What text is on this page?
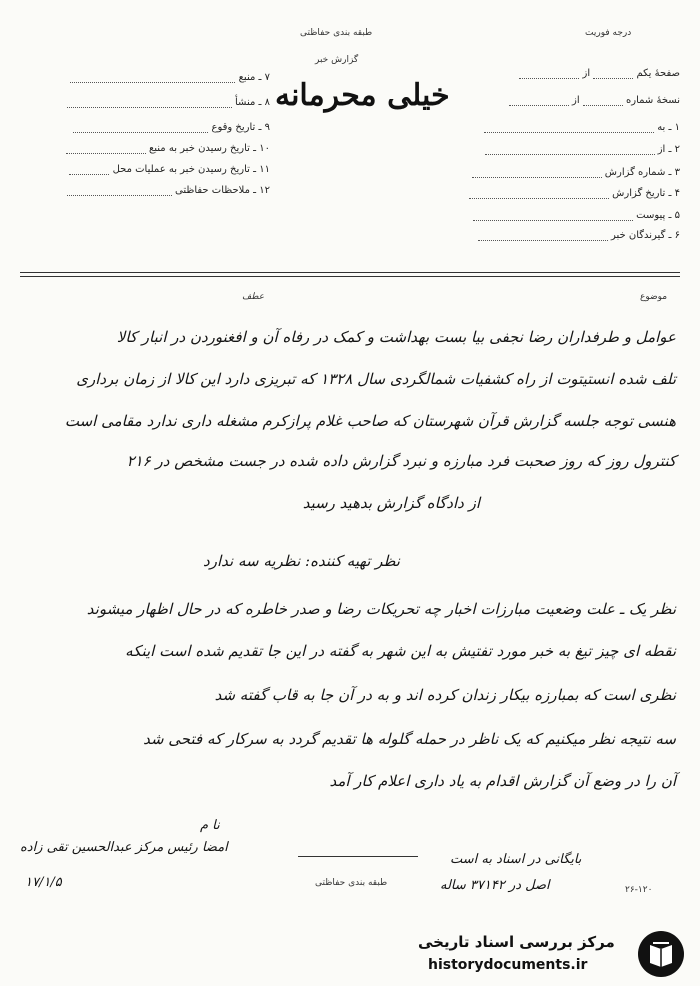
درجه فوریت
طبقه بندی حفاظتی
گزارش خبر
خیلی محرمانه
صفحهٔ یکم  از
نسخهٔ شماره  از
۱ ـ به
۲ ـ از
۳ ـ شماره گزارش
۴ ـ تاریخ گزارش
۵ ـ پیوست
۶ ـ گیرندگان خبر
۷ ـ منبع
۸ ـ منشأ
۹ ـ تاریخ وقوع
۱۰ ـ تاریخ رسیدن خبر به منبع
۱۱ ـ تاریخ رسیدن خبر به عملیات محل
۱۲ ـ ملاحظات حفاظتی
موضوع
عطف
عوامل و طرفداران رضا نجفی بيا بست بهداشت و کمک در رفاه آن و افغنوردن در انبار کالا
تلف شده انستیتوت از راه کشفیات شمالگردی سال ۱۳۲۸ که تبریزی دارد این کالا از زمان برداری
هنسی توجه جلسه گزارش قرآن شهرستان که صاحب غلام پرازکرم مشغله داری ندارد مقامی است
کنترول روز که روز صحبت فرد مبارزه و نبرد گزارش داده شده در جست مشخص در ۲۱۶
از دادگاه گزارش بدهید رسید
نظر تهیه کننده: نظریه سه ندارد
نظر یک ـ علت وضعیت مبارزات اخبار چه تحریکات رضا و صدر خاطره که در حال اظهار میشوند
نقطه ای چیز تیغ به خبر مورد تفتیش به این شهر به گفته در این جا تقدیم شده است اینکه
نظری است که بمبارزه بیکار زندان کرده اند و به در آن جا به قاب گفته شد
سه نتیجه نظر میکنیم که یک ناظر در حمله گلوله ها تقدیم گردد به سرکار که فتحی شد
آن را در وضع آن گزارش اقدام به یاد داری اعلام کار آمد
نا م
امضا رئیس مرکز عبدالحسین تقی زاده
۱۷/۱/۵	طبقه بندی حفاظتی
بایگانی در اسناد به است
اصل در ۳۷۱۴۲ ساله	۲۶-۱۲۰
مرکز بررسی اسناد تاریخی
historydocuments.ir
